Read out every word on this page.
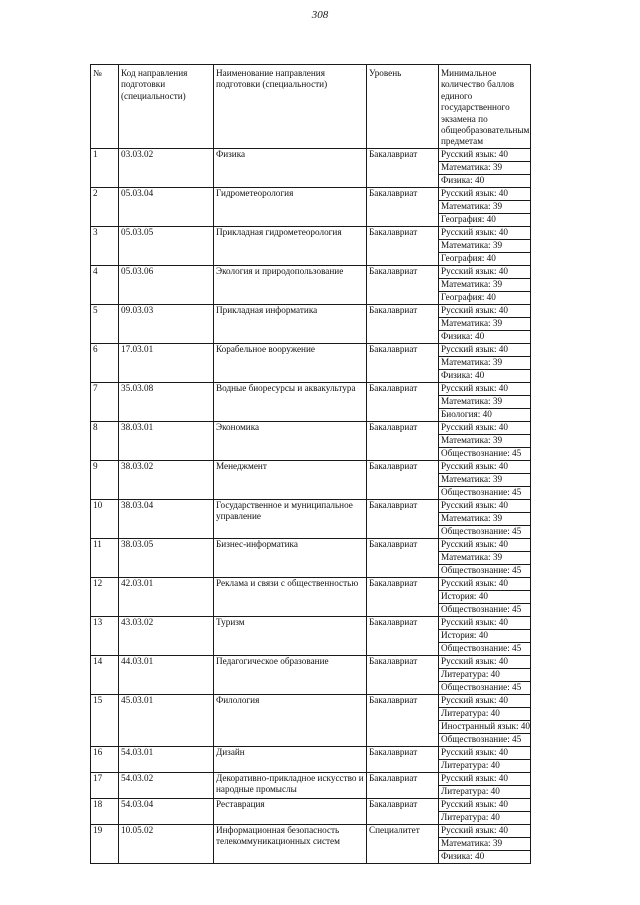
308
№	Код направления подготовки (специальности)	Наименование направления подготовки (специальности)	Уровень	Минимальное количество баллов единого государственного экзамена по общеобразовательным предметам
1	03.03.02	Физика	Бакалавриат	Русский язык: 40
				Математика: 39
				Физика: 40
2	05.03.04	Гидрометеорология	Бакалавриат	Русский язык: 40
				Математика: 39
				География: 40
3	05.03.05	Прикладная гидрометеорология	Бакалавриат	Русский язык: 40
				Математика: 39
				География: 40
4	05.03.06	Экология и природопользование	Бакалавриат	Русский язык: 40
				Математика: 39
				География: 40
5	09.03.03	Прикладная информатика	Бакалавриат	Русский язык: 40
				Математика: 39
				Физика: 40
6	17.03.01	Корабельное вооружение	Бакалавриат	Русский язык: 40
				Математика: 39
				Физика: 40
7	35.03.08	Водные биоресурсы и аквакультура	Бакалавриат	Русский язык: 40
				Математика: 39
				Биология: 40
8	38.03.01	Экономика	Бакалавриат	Русский язык: 40
				Математика: 39
				Обществознание: 45
9	38.03.02	Менеджмент	Бакалавриат	Русский язык: 40
				Математика: 39
				Обществознание: 45
10	38.03.04	Государственное и муниципальное управление	Бакалавриат	Русский язык: 40
				Математика: 39
				Обществознание: 45
11	38.03.05	Бизнес-информатика	Бакалавриат	Русский язык: 40
				Математика: 39
				Обществознание: 45
12	42.03.01	Реклама и связи с общественностью	Бакалавриат	Русский язык: 40
				История: 40
				Обществознание: 45
13	43.03.02	Туризм	Бакалавриат	Русский язык: 40
				История: 40
				Обществознание: 45
14	44.03.01	Педагогическое образование	Бакалавриат	Русский язык: 40
				Литература: 40
				Обществознание: 45
15	45.03.01	Филология	Бакалавриат	Русский язык: 40
				Литература: 40
				Иностранный язык: 40
				Обществознание: 45
16	54.03.01	Дизайн	Бакалавриат	Русский язык: 40
				Литература: 40
17	54.03.02	Декоративно-прикладное искусство и народные промыслы	Бакалавриат	Русский язык: 40
				Литература: 40
18	54.03.04	Реставрация	Бакалавриат	Русский язык: 40
				Литература: 40
19	10.05.02	Информационная безопасность телекоммуникационных систем	Специалитет	Русский язык: 40
				Математика: 39
				Физика: 40
